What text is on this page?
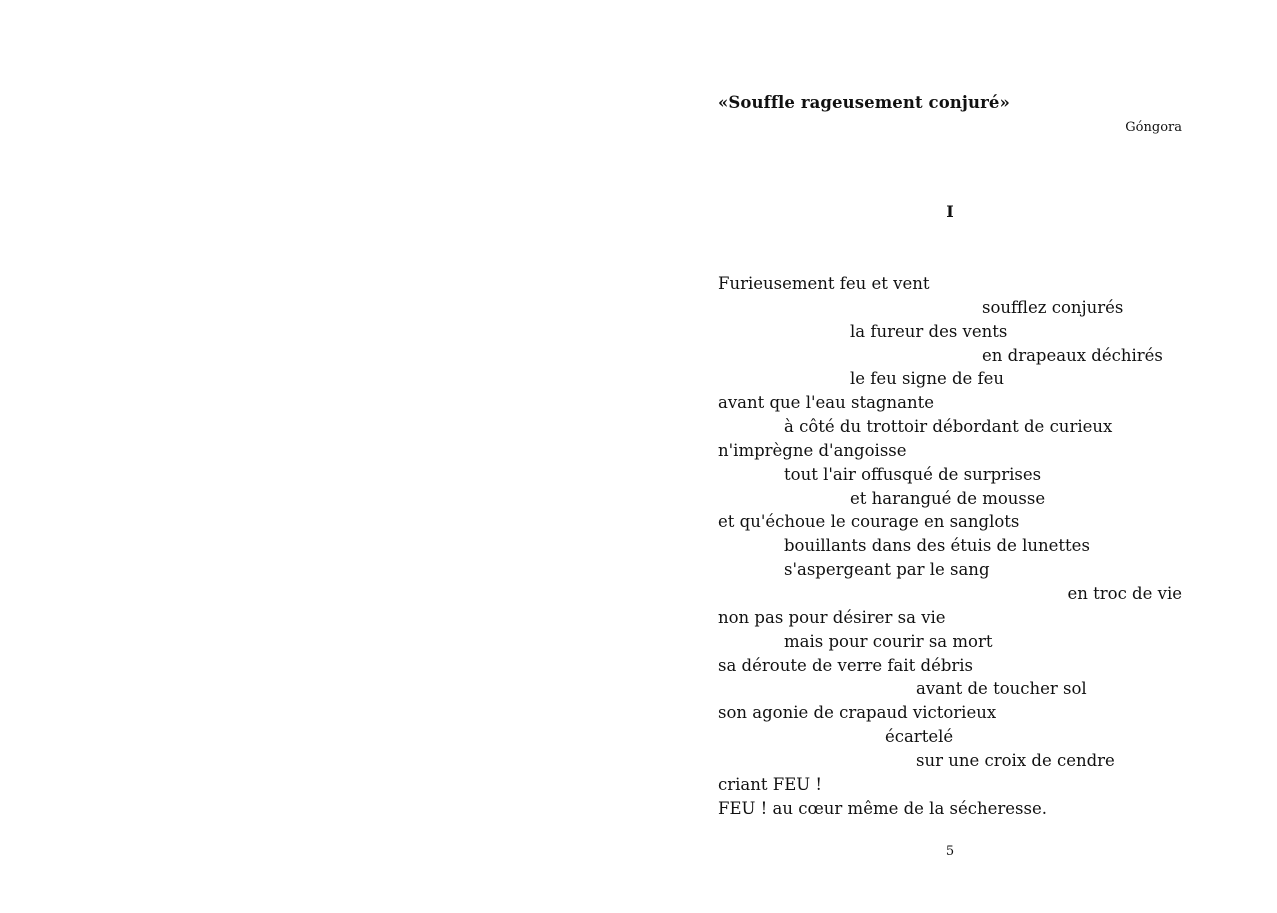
«Souffle rageusement conjuré»
Góngora
I
Furieusement feu et vent
soufflez conjurés
la fureur des vents
en drapeaux déchirés
le feu signe de feu
avant que l'eau stagnante
à côté du trottoir débordant de curieux
n'imprègne d'angoisse
tout l'air offusqué de surprises
et harangué de mousse
et qu'échoue le courage en sanglots
bouillants dans des étuis de lunettes
s'aspergeant par le sang
en troc de vie
non pas pour désirer sa vie
mais pour courir sa mort
sa déroute de verre fait débris
avant de toucher sol
son agonie de crapaud victorieux
écartelé
sur une croix de cendre
criant FEU !
FEU ! au cœur même de la sécheresse.
5
